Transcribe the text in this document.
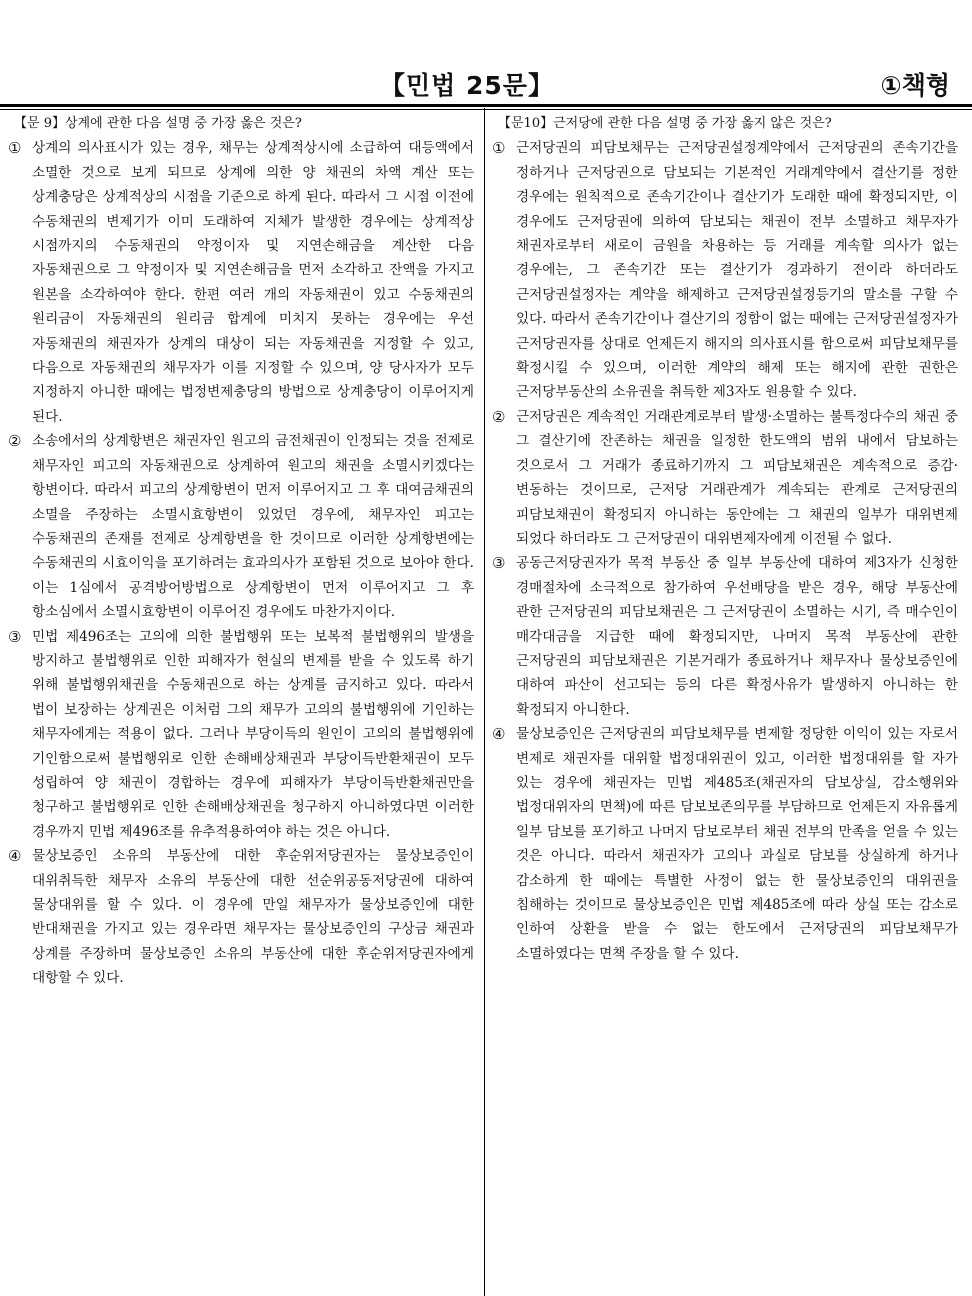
【민법 25문】	①책형
【문 9】상계에 관한 다음 설명 중 가장 옳은 것은?
① 상계의 의사표시가 있는 경우, 채무는 상계적상시에 소급하여 대등액에서 소멸한 것으로 보게 되므로 상계에 의한 양 채권의 차액 계산 또는 상계충당은 상계적상의 시점을 기준으로 하게 된다. 따라서 그 시점 이전에 수동채권의 변제기가 이미 도래하여 지체가 발생한 경우에는 상계적상 시점까지의 수동채권의 약정이자 및 지연손해금을 계산한 다음 자동채권으로 그 약정이자 및 지연손해금을 먼저 소각하고 잔액을 가지고 원본을 소각하여야 한다. 한편 여러 개의 자동채권이 있고 수동채권의 원리금이 자동채권의 원리금 합계에 미치지 못하는 경우에는 우선 자동채권의 채권자가 상계의 대상이 되는 자동채권을 지정할 수 있고, 다음으로 자동채권의 채무자가 이를 지정할 수 있으며, 양 당사자가 모두 지정하지 아니한 때에는 법정변제충당의 방법으로 상계충당이 이루어지게 된다.
② 소송에서의 상계항변은 채권자인 원고의 금전채권이 인정되는 것을 전제로 채무자인 피고의 자동채권으로 상계하여 원고의 채권을 소멸시키겠다는 항변이다. 따라서 피고의 상계항변이 먼저 이루어지고 그 후 대여금채권의 소멸을 주장하는 소멸시효항변이 있었던 경우에, 채무자인 피고는 수동채권의 존재를 전제로 상계항변을 한 것이므로 이러한 상계항변에는 수동채권의 시효이익을 포기하려는 효과의사가 포함된 것으로 보아야 한다. 이는 1심에서 공격방어방법으로 상계항변이 먼저 이루어지고 그 후 항소심에서 소멸시효항변이 이루어진 경우에도 마찬가지이다.
③ 민법 제496조는 고의에 의한 불법행위 또는 보복적 불법행위의 발생을 방지하고 불법행위로 인한 피해자가 현실의 변제를 받을 수 있도록 하기 위해 불법행위채권을 수동채권으로 하는 상계를 금지하고 있다. 따라서 법이 보장하는 상계권은 이처럼 그의 채무가 고의의 불법행위에 기인하는 채무자에게는 적용이 없다. 그러나 부당이득의 원인이 고의의 불법행위에 기인함으로써 불법행위로 인한 손해배상채권과 부당이득반환채권이 모두 성립하여 양 채권이 경합하는 경우에 피해자가 부당이득반환채권만을 청구하고 불법행위로 인한 손해배상채권을 청구하지 아니하였다면 이러한 경우까지 민법 제496조를 유추적용하여야 하는 것은 아니다.
④ 물상보증인 소유의 부동산에 대한 후순위저당권자는 물상보증인이 대위취득한 채무자 소유의 부동산에 대한 선순위공동저당권에 대하여 물상대위를 할 수 있다. 이 경우에 만일 채무자가 물상보증인에 대한 반대채권을 가지고 있는 경우라면 채무자는 물상보증인의 구상금 채권과 상계를 주장하며 물상보증인 소유의 부동산에 대한 후순위저당권자에게 대항할 수 있다.
【문10】근저당에 관한 다음 설명 중 가장 옳지 않은 것은?
① 근저당권의 피담보채무는 근저당권설정계약에서 근저당권의 존속기간을 정하거나 근저당권으로 담보되는 기본적인 거래계약에서 결산기를 정한 경우에는 원칙적으로 존속기간이나 결산기가 도래한 때에 확정되지만, 이 경우에도 근저당권에 의하여 담보되는 채권이 전부 소멸하고 채무자가 채권자로부터 새로이 금원을 차용하는 등 거래를 계속할 의사가 없는 경우에는, 그 존속기간 또는 결산기가 경과하기 전이라 하더라도 근저당권설정자는 계약을 해제하고 근저당권설정등기의 말소를 구할 수 있다. 따라서 존속기간이나 결산기의 정함이 없는 때에는 근저당권설정자가 근저당권자를 상대로 언제든지 해지의 의사표시를 함으로써 피담보채무를 확정시킬 수 있으며, 이러한 계약의 해제 또는 해지에 관한 권한은 근저당부동산의 소유권을 취득한 제3자도 원용할 수 있다.
② 근저당권은 계속적인 거래관계로부터 발생·소멸하는 불특정다수의 채권 중 그 결산기에 잔존하는 채권을 일정한 한도액의 범위 내에서 담보하는 것으로서 그 거래가 종료하기까지 그 피담보채권은 계속적으로 증감·변동하는 것이므로, 근저당 거래관계가 계속되는 관계로 근저당권의 피담보채권이 확정되지 아니하는 동안에는 그 채권의 일부가 대위변제 되었다 하더라도 그 근저당권이 대위변제자에게 이전될 수 없다.
③ 공동근저당권자가 목적 부동산 중 일부 부동산에 대하여 제3자가 신청한 경매절차에 소극적으로 참가하여 우선배당을 받은 경우, 해당 부동산에 관한 근저당권의 피담보채권은 그 근저당권이 소멸하는 시기, 즉 매수인이 매각대금을 지급한 때에 확정되지만, 나머지 목적 부동산에 관한 근저당권의 피담보채권은 기본거래가 종료하거나 채무자나 물상보증인에 대하여 파산이 선고되는 등의 다른 확정사유가 발생하지 아니하는 한 확정되지 아니한다.
④ 물상보증인은 근저당권의 피담보채무를 변제할 정당한 이익이 있는 자로서 변제로 채권자를 대위할 법정대위권이 있고, 이러한 법정대위를 할 자가 있는 경우에 채권자는 민법 제485조(채권자의 담보상실, 감소행위와 법정대위자의 면책)에 따른 담보보존의무를 부담하므로 언제든지 자유롭게 일부 담보를 포기하고 나머지 담보로부터 채권 전부의 만족을 얻을 수 있는 것은 아니다. 따라서 채권자가 고의나 과실로 담보를 상실하게 하거나 감소하게 한 때에는 특별한 사정이 없는 한 물상보증인의 대위권을 침해하는 것이므로 물상보증인은 민법 제485조에 따라 상실 또는 감소로 인하여 상환을 받을 수 없는 한도에서 근저당권의 피담보채무가 소멸하였다는 면책 주장을 할 수 있다.
